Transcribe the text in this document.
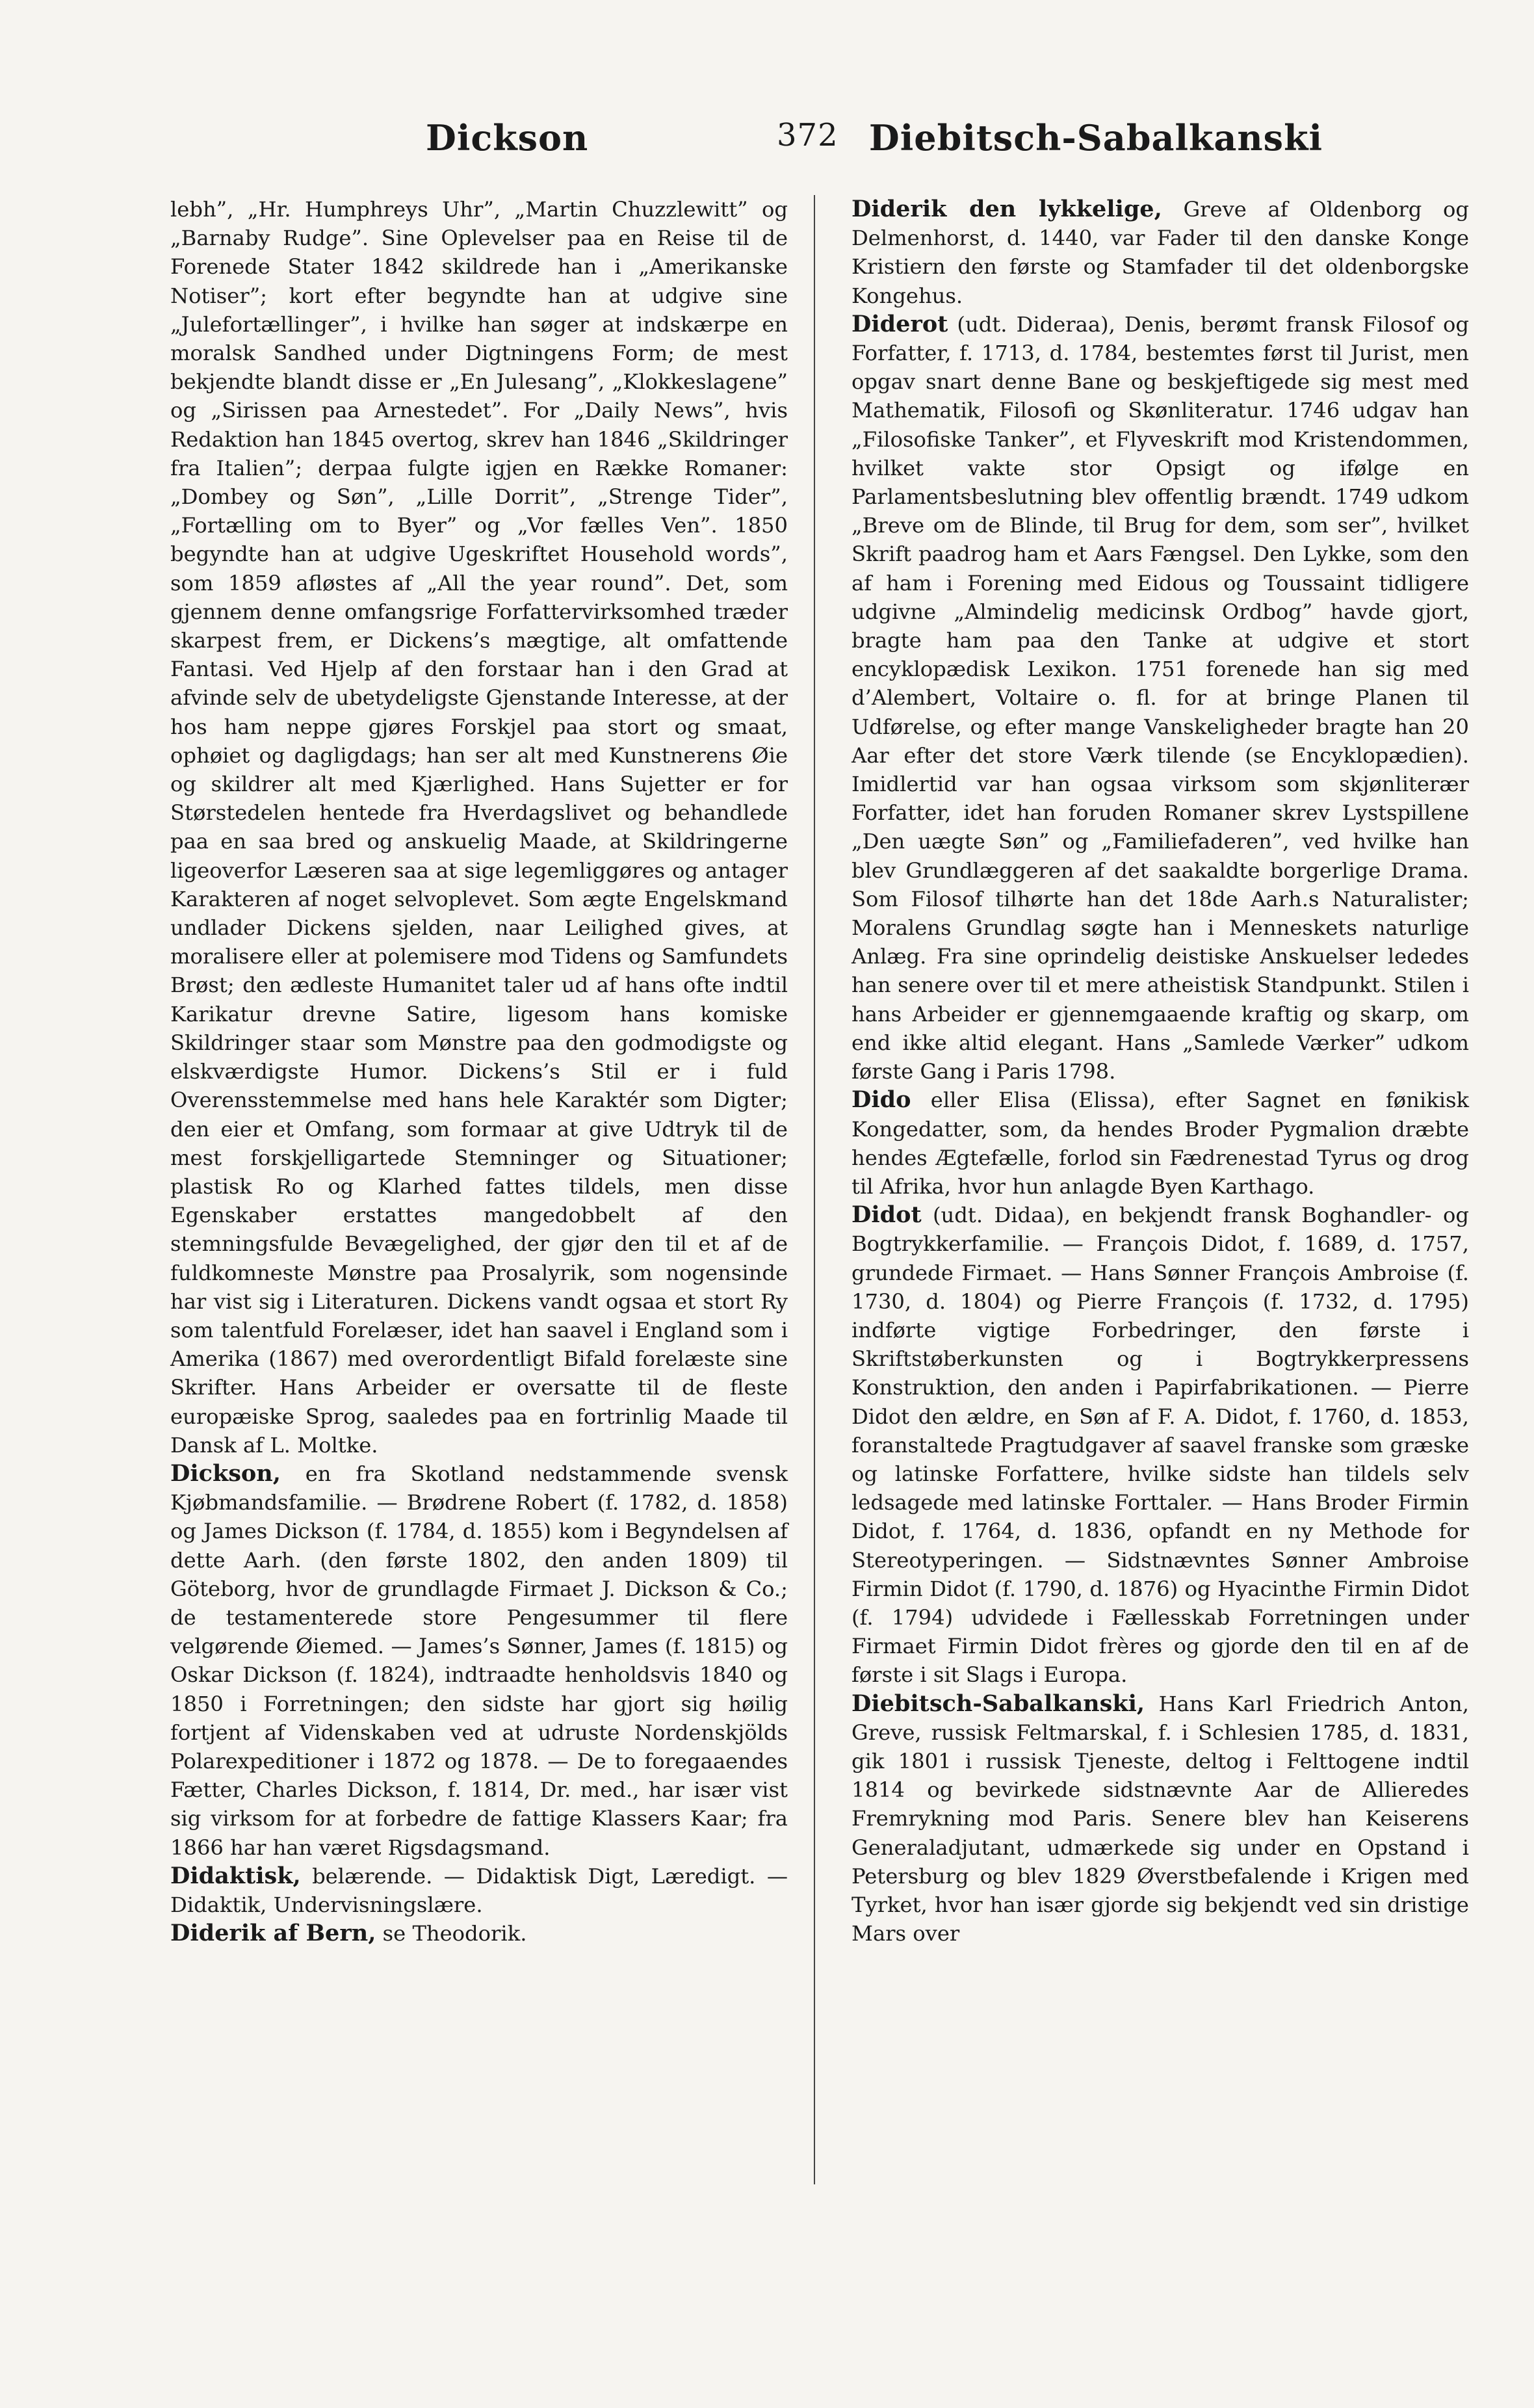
Dickson	372 Diebitsch-Sabalkanski

lebh”, „Hr. Humphreys Uhr”, „Martin Chuzzlewitt” og „Barnaby Rudge”. Sine Oplevelser paa en Reise til de Forenede Stater 1842 skildrede han i „Amerikanske Notiser”; kort efter begyndte han at udgive sine „Julefortællinger”, i hvilke han søger at indskærpe en moralsk Sandhed under Digtningens Form; de mest bekjendte blandt disse er „En Julesang”, „Klokkeslagene” og „Sirissen paa Arnestedet”. For „Daily News”, hvis Redaktion han 1845 overtog, skrev han 1846 „Skildringer fra Italien”; derpaa fulgte igjen en Række Romaner: „Dombey og Søn”, „Lille Dorrit”, „Strenge Tider”, „Fortælling om to Byer” og „Vor fælles Ven”. 1850 begyndte han at udgive Ugeskriftet Household words”, som 1859 afløstes af „All the year round”. Det, som gjennem denne omfangsrige Forfattervirksomhed træder skarpest frem, er Dickens’s mægtige, alt omfattende Fantasi. Ved Hjelp af den forstaar han i den Grad at afvinde selv de ubetydeligste Gjenstande Interesse, at der hos ham neppe gjøres Forskjel paa stort og smaat, ophøiet og dagligdags; han ser alt med Kunstnerens Øie og skildrer alt med Kjærlighed. Hans Sujetter er for Størstedelen hentede fra Hverdagslivet og behandlede paa en saa bred og anskuelig Maade, at Skildringerne ligeoverfor Læseren saa at sige legemliggøres og antager Karakteren af noget selvoplevet. Som ægte Engelskmand undlader Dickens sjelden, naar Leilighed gives, at moralisere eller at polemisere mod Tidens og Samfundets Brøst; den ædleste Humanitet taler ud af hans ofte indtil Karikatur drevne Satire, ligesom hans komiske Skildringer staar som Mønstre paa den godmodigste og elskværdigste Humor. Dickens’s Stil er i fuld Overensstemmelse med hans hele Karaktér som Digter; den eier et Omfang, som formaar at give Udtryk til de mest forskjelligartede Stemninger og Situationer; plastisk Ro og Klarhed fattes tildels, men disse Egenskaber erstattes mangedobbelt af den stemningsfulde Bevægelighed, der gjør den til et af de fuldkomneste Mønstre paa Prosalyrik, som nogensinde har vist sig i Literaturen. Dickens vandt ogsaa et stort Ry som talentfuld Forelæser, idet han saavel i England som i Amerika (1867) med overordentligt Bifald forelæste sine Skrifter. Hans Arbeider er oversatte til de fleste europæiske Sprog, saaledes paa en fortrinlig Maade til Dansk af L. Moltke.

Dickson, en fra Skotland nedstammende svensk Kjøbmandsfamilie. — Brødrene Robert (f. 1782, d. 1858) og James Dickson (f. 1784, d. 1855) kom i Begyndelsen af dette Aarh. (den første 1802, den anden 1809) til Göteborg, hvor de grundlagde Firmaet J. Dickson & Co.; de testamenterede store Pengesummer til flere velgørende Øiemed. — James’s Sønner, James (f. 1815) og Oskar Dickson (f. 1824), indtraadte henholdsvis 1840 og 1850 i Forretningen; den sidste har gjort sig høilig fortjent af Videnskaben ved at udruste Nordenskjölds Polarexpeditioner i 1872 og 1878. — De to foregaaendes Fætter, Charles Dickson, f. 1814, Dr. med., har især vist sig virksom for at forbedre de fattige Klassers Kaar; fra 1866 har han været Rigsdagsmand.

Didaktisk, belærende. — Didaktisk Digt, Læredigt. — Didaktik, Undervisningslære.

Diderik af Bern, se Theodorik.

Diderik den lykkelige, Greve af Oldenborg og Delmenhorst, d. 1440, var Fader til den danske Konge Kristiern den første og Stamfader til det oldenborgske Kongehus.

Diderot (udt. Dideraa), Denis, berømt fransk Filosof og Forfatter, f. 1713, d. 1784, bestemtes først til Jurist, men opgav snart denne Bane og beskjeftigede sig mest med Mathematik, Filosofi og Skønliteratur. 1746 udgav han „Filosofiske Tanker”, et Flyveskrift mod Kristendommen, hvilket vakte stor Opsigt og ifølge en Parlamentsbeslutning blev offentlig brændt. 1749 udkom „Breve om de Blinde, til Brug for dem, som ser”, hvilket Skrift paadrog ham et Aars Fængsel. Den Lykke, som den af ham i Forening med Eidous og Toussaint tidligere udgivne „Almindelig medicinsk Ordbog” havde gjort, bragte ham paa den Tanke at udgive et stort encyklopædisk Lexikon. 1751 forenede han sig med d’Alembert, Voltaire o. fl. for at bringe Planen til Udførelse, og efter mange Vanskeligheder bragte han 20 Aar efter det store Værk tilende (se Encyklopædien). Imidlertid var han ogsaa virksom som skjønliterær Forfatter, idet han foruden Romaner skrev Lystspillene „Den uægte Søn” og „Familiefaderen”, ved hvilke han blev Grundlæggeren af det saakaldte borgerlige Drama. Som Filosof tilhørte han det 18de Aarh.s Naturalister; Moralens Grundlag søgte han i Menneskets naturlige Anlæg. Fra sine oprindelig deistiske Anskuelser lededes han senere over til et mere atheistisk Standpunkt. Stilen i hans Arbeider er gjennemgaaende kraftig og skarp, om end ikke altid elegant. Hans „Samlede Værker” udkom første Gang i Paris 1798.

Dido eller Elisa (Elissa), efter Sagnet en fønikisk Kongedatter, som, da hendes Broder Pygmalion dræbte hendes Ægtefælle, forlod sin Fædrenestad Tyrus og drog til Afrika, hvor hun anlagde Byen Karthago.

Didot (udt. Didaa), en bekjendt fransk Boghandler- og Bogtrykkerfamilie. — François Didot, f. 1689, d. 1757, grundede Firmaet. — Hans Sønner François Ambroise (f. 1730, d. 1804) og Pierre François (f. 1732, d. 1795) indførte vigtige Forbedringer, den første i Skriftstøberkunsten og i Bogtrykkerpressens Konstruktion, den anden i Papirfabrikationen. — Pierre Didot den ældre, en Søn af F. A. Didot, f. 1760, d. 1853, foranstaltede Pragtudgaver af saavel franske som græske og latinske Forfattere, hvilke sidste han tildels selv ledsagede med latinske Forttaler. — Hans Broder Firmin Didot, f. 1764, d. 1836, opfandt en ny Methode for Stereotyperingen. — Sidstnævntes Sønner Ambroise Firmin Didot (f. 1790, d. 1876) og Hyacinthe Firmin Didot (f. 1794) udvidede i Fællesskab Forretningen under Firmaet Firmin Didot frères og gjorde den til en af de første i sit Slags i Europa.

Diebitsch-Sabalkanski, Hans Karl Friedrich Anton, Greve, russisk Feltmarskal, f. i Schlesien 1785, d. 1831, gik 1801 i russisk Tjeneste, deltog i Felttogene indtil 1814 og bevirkede sidstnævnte Aar de Allieredes Fremrykning mod Paris. Senere blev han Keiserens Generaladjutant, udmærkede sig under en Opstand i Petersburg og blev 1829 Øverstbefalende i Krigen med Tyrket, hvor han især gjorde sig bekjendt ved sin dristige Mars over
